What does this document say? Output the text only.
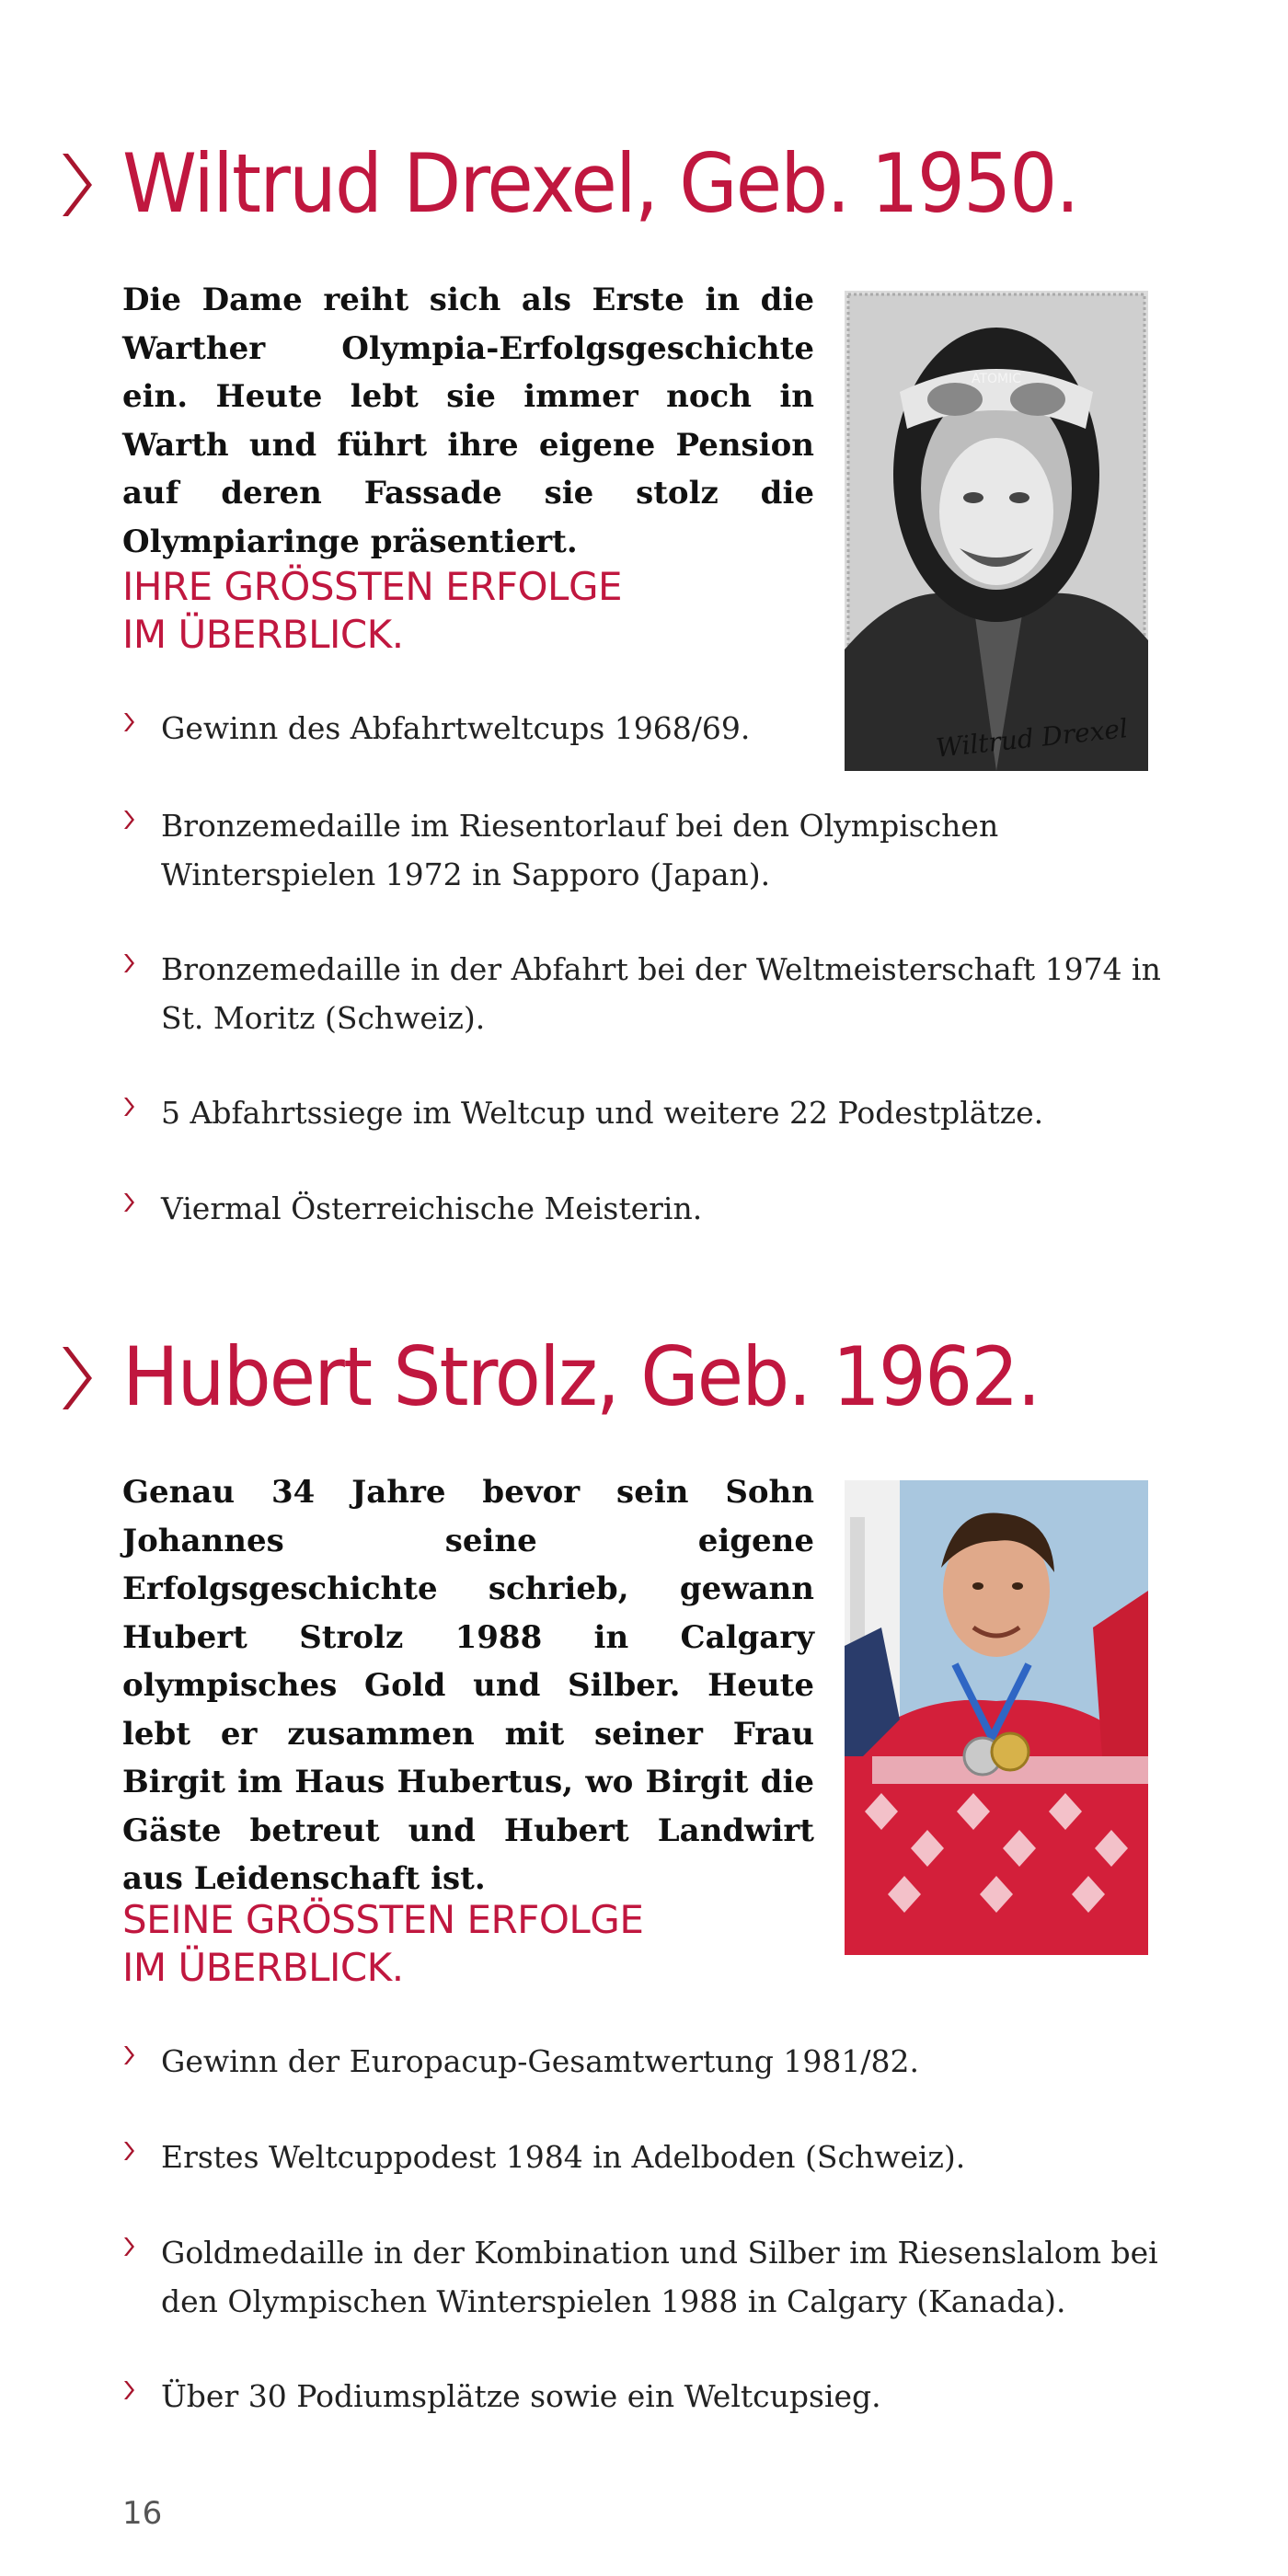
Wiltrud Drexel, Geb. 1950.

Die Dame reiht sich als Erste in die Warther Olympia-Erfolgsgeschichte ein. Heute lebt sie immer noch in Warth und führt ihre eigene Pension auf deren Fassade sie stolz die Olympiaringe präsentiert.

ATOMIC
Wiltrud Drexel
IHRE GRÖSSTEN ERFOLGE
IM ÜBERBLICK.
Gewinn des Abfahrtweltcups 1968/69.
Bronzemedaille im Riesentorlauf bei den Olympischen Winterspielen 1972 in Sapporo (Japan).
Bronzemedaille in der Abfahrt bei der Weltmeisterschaft 1974 in St. Moritz (Schweiz).
5 Abfahrtssiege im Weltcup und weitere 22 Podestplätze.
Viermal Österreichische Meisterin.
Hubert Strolz, Geb. 1962.

Genau 34 Jahre bevor sein Sohn Johannes seine eigene Erfolgsgeschichte schrieb, gewann Hubert Strolz 1988 in Calgary olympisches Gold und Silber. Heute lebt er zusammen mit seiner Frau Birgit im Haus Hubertus, wo Birgit die Gäste betreut und Hubert Landwirt aus Leidenschaft ist.

SEINE GRÖSSTEN ERFOLGE
IM ÜBERBLICK.
Gewinn der Europacup-Gesamtwertung 1981/82.
Erstes Weltcuppodest 1984 in Adelboden (Schweiz).
Goldmedaille in der Kombination und Silber im Riesenslalom bei den Olympischen Winterspielen 1988 in Calgary (Kanada).
Über 30 Podiumsplätze sowie ein Weltcupsieg.
16
